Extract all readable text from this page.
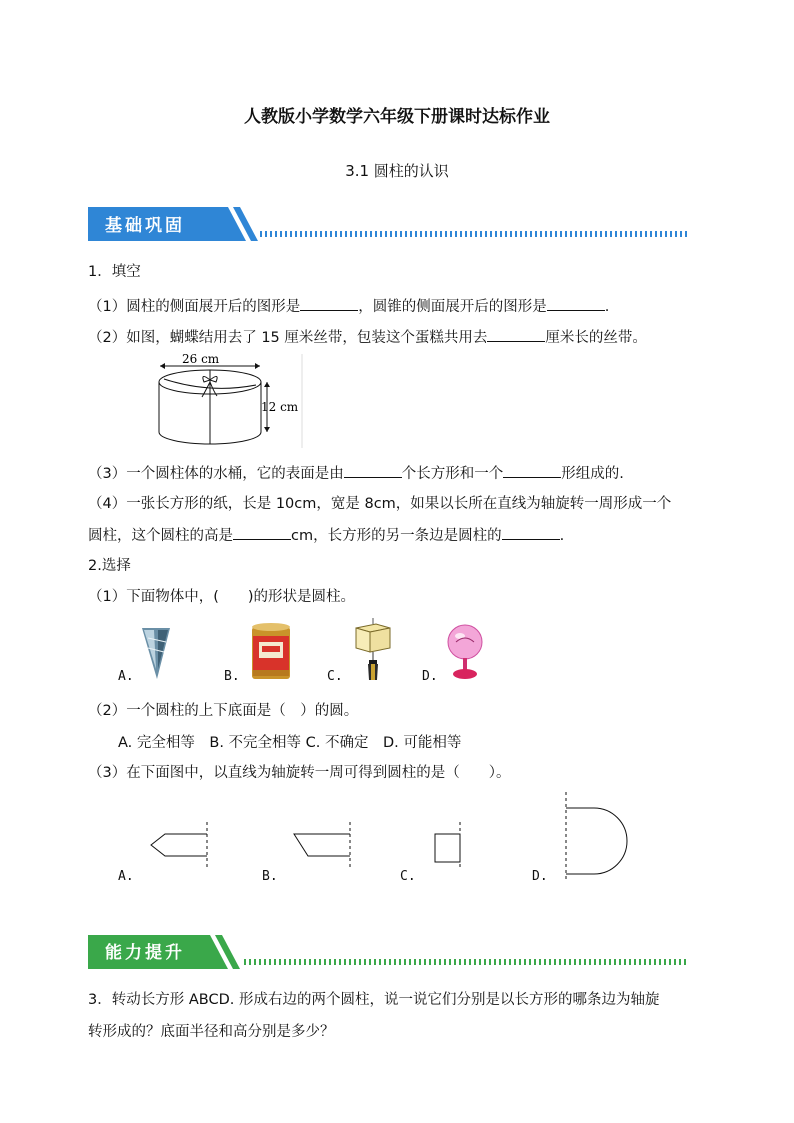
人教版小学数学六年级下册课时达标作业
3.1 圆柱的认识
基础巩固
1．填空
（1）圆柱的侧面展开后的图形是	，圆锥的侧面展开后的图形是	.
（2）如图，蝴蝶结用去了 15 厘米丝带，包装这个蛋糕共用去	厘米长的丝带。
26 cm
12 cm
（3）一个圆柱体的水桶，它的表面是由	个长方形和一个	形组成的.
（4）一张长方形的纸，长是 10cm，宽是 8cm，如果以长所在直线为轴旋转一周形成一个
圆柱，这个圆柱的高是	cm，长方形的另一条边是圆柱的	.
2.选择
（1）下面物体中，(　　)的形状是圆柱。
A.	B.	C.	D.
（2）一个圆柱的上下底面是（　）的圆。
A. 完全相等　B. 不完全相等 C. 不确定　D. 可能相等
（3）在下面图中，以直线为轴旋转一周可得到圆柱的是（　　）。
A.	B.	C.	D.
能力提升
3．转动长方形 ABCD. 形成右边的两个圆柱，说一说它们分别是以长方形的哪条边为轴旋
转形成的？底面半径和高分别是多少？
